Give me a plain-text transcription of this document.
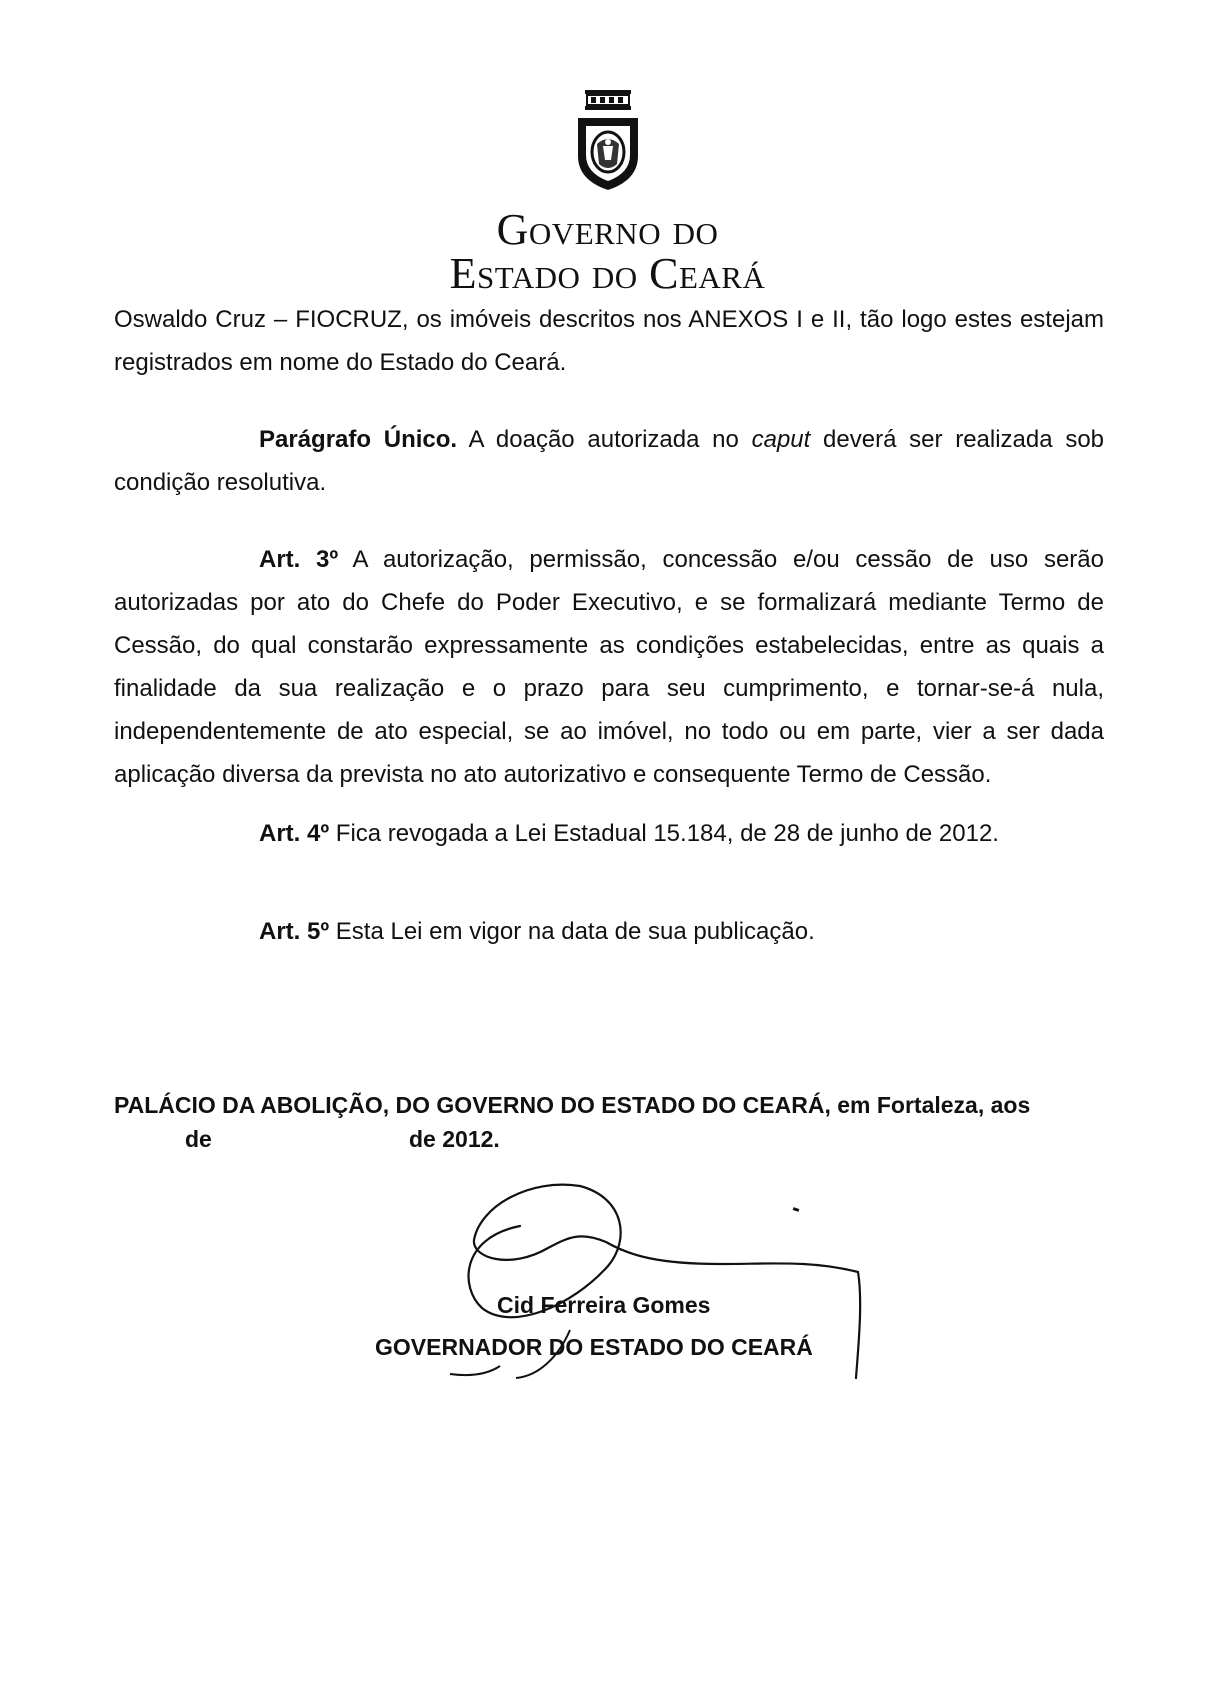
Governo do
Estado do Ceará

Oswaldo Cruz – FIOCRUZ, os imóveis descritos nos ANEXOS I e II, tão logo estes estejam registrados em nome do Estado do Ceará.

Parágrafo Único. A doação autorizada no caput deverá ser realizada sob condição resolutiva.

Art. 3º A autorização, permissão, concessão e/ou cessão de uso serão autorizadas por ato do Chefe do Poder Executivo, e se formalizará mediante Termo de Cessão, do qual constarão expressamente as condições estabelecidas, entre as quais a finalidade da sua realização e o prazo para seu cumprimento, e tornar-se-á nula, independentemente de ato especial, se ao imóvel, no todo ou em parte, vier a ser dada aplicação diversa da prevista no ato autorizativo e consequente Termo de Cessão.

Art. 4º Fica revogada a Lei Estadual 15.184, de 28 de junho de 2012.

Art. 5º Esta Lei em vigor na data de sua publicação.

PALÁCIO DA ABOLIÇÃO, DO GOVERNO DO ESTADO DO CEARÁ, em Fortaleza, aos

de	de 2012.
Cid Ferreira Gomes
GOVERNADOR DO ESTADO DO CEARÁ
